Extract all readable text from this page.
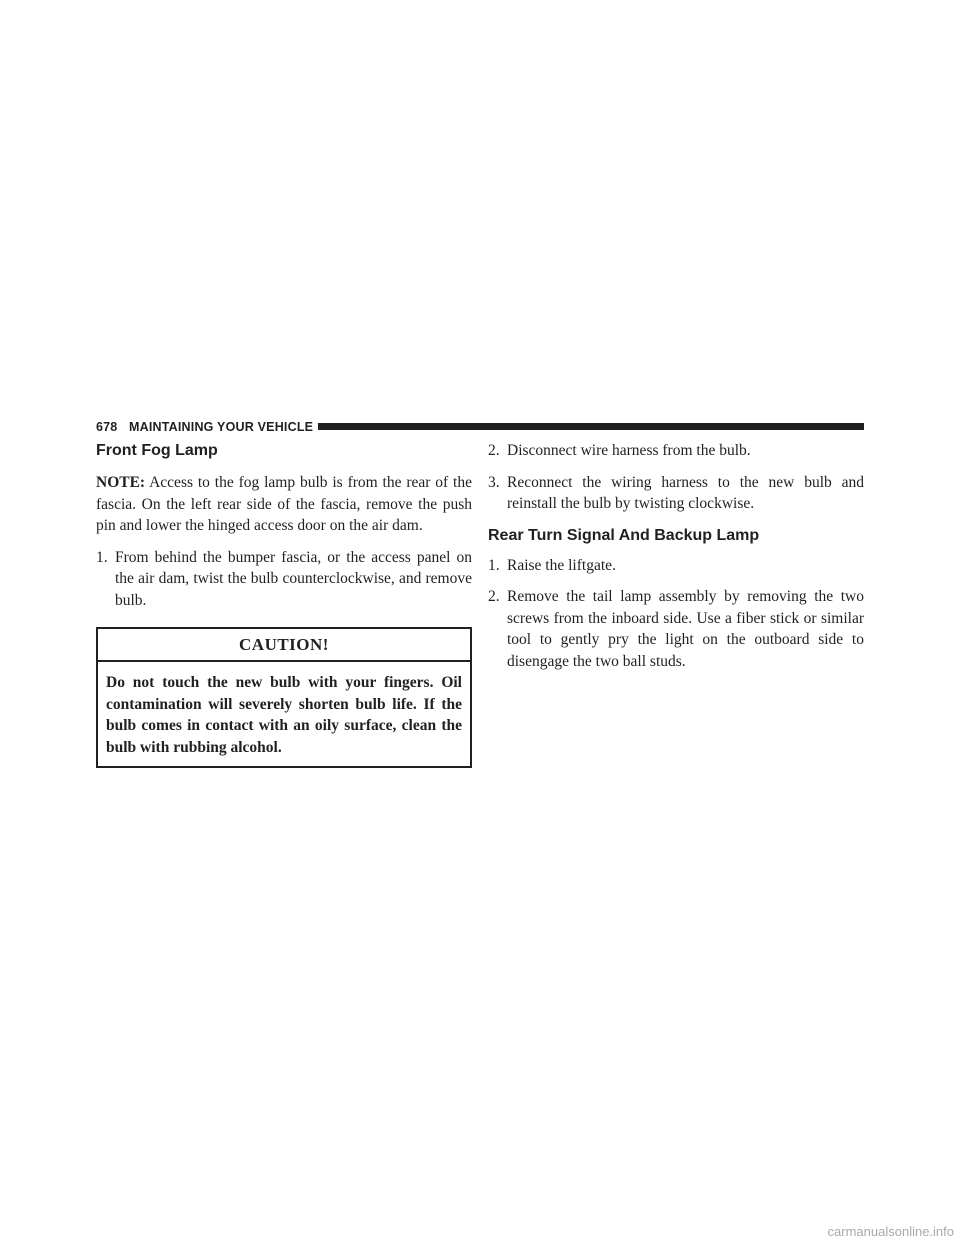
678 MAINTAINING YOUR VEHICLE
Front Fog Lamp

NOTE: Access to the fog lamp bulb is from the rear of the fascia. On the left rear side of the fascia, remove the push pin and lower the hinged access door on the air dam.

1. From behind the bumper fascia, or the access panel on the air dam, twist the bulb counterclockwise, and remove bulb.
CAUTION!
Do not touch the new bulb with your fingers. Oil contamination will severely shorten bulb life. If the bulb comes in contact with an oily surface, clean the bulb with rubbing alcohol.
2. Disconnect wire harness from the bulb.
3. Reconnect the wiring harness to the new bulb and reinstall the bulb by twisting clockwise.
Rear Turn Signal And Backup Lamp
1. Raise the liftgate.
2. Remove the tail lamp assembly by removing the two screws from the inboard side. Use a fiber stick or similar tool to gently pry the light on the outboard side to disengage the two ball studs.
carmanualsonline.info
